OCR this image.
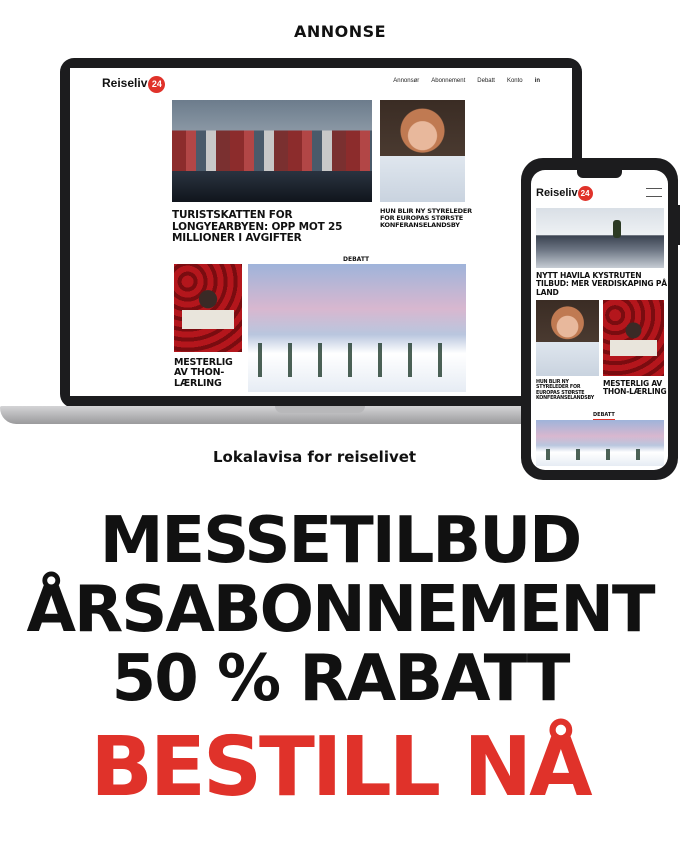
ANNONSE
Reiseliv 24	Annonsør Abonnement Debatt Konto in
TURISTSKATTEN FOR LONGYEARBYEN: OPP MOT 25 MILLIONER I AVGIFTER
HUN BLIR NY STYRELEDER FOR EUROPAS STØRSTE KONFERANSELANDSBY
DEBATT
MESTERLIG AV THON-LÆRLING
Lokalavisa for reiselivet
Reiseliv 24
NYTT HAVILA KYSTRUTEN TILBUD: MER VERDISKAPING PÅ LAND
HUN BLIR NY STYRELEDER FOR EUROPAS STØRSTE KONFERANSELANDSBY
MESTERLIG AV THON-LÆRLING
DEBATT
MESSETILBUD
ÅRSABONNEMENT
50 % RABATT
BESTILL NÅ
